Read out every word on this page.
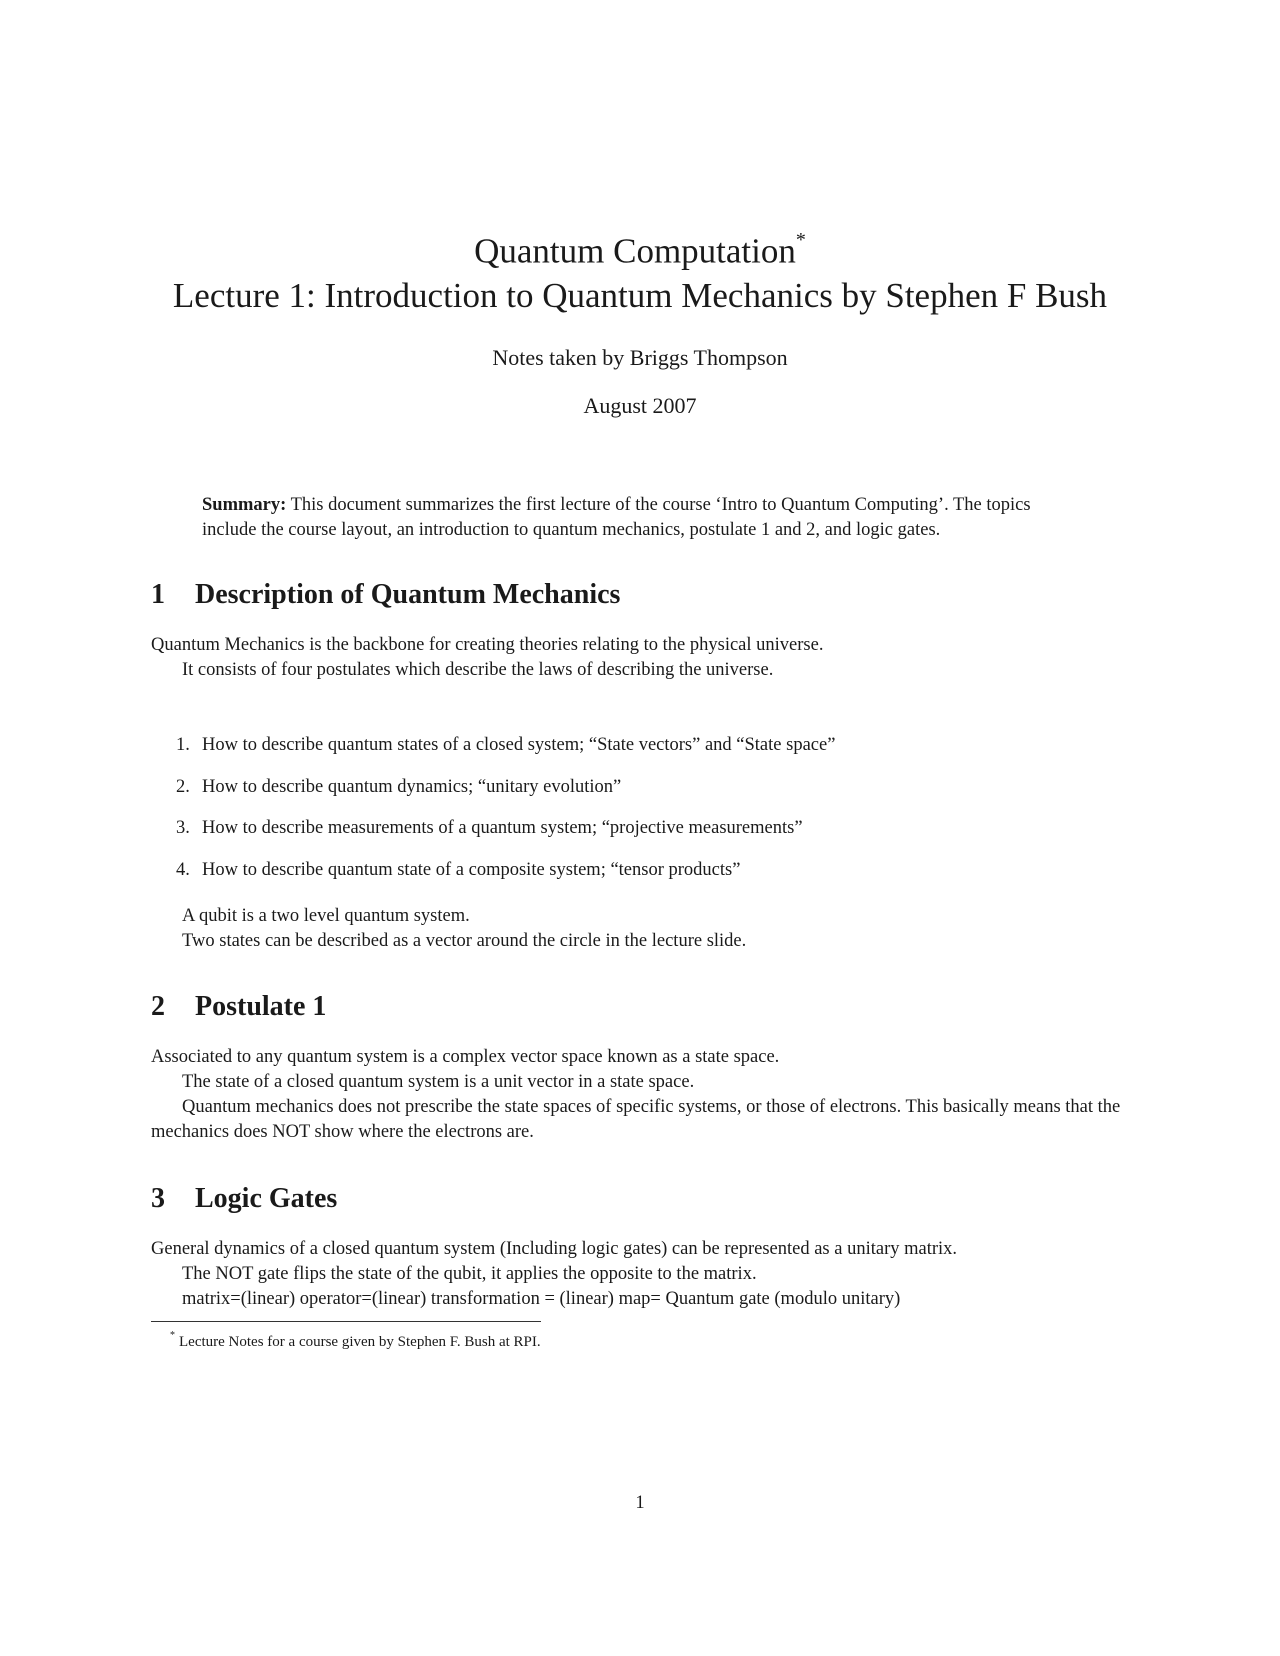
Quantum Computation*
Lecture 1: Introduction to Quantum Mechanics by Stephen F Bush
Notes taken by Briggs Thompson
August 2007
Summary: This document summarizes the first lecture of the course ‘Intro to Quantum Computing’. The topics include the course layout, an introduction to quantum mechanics, postulate 1 and 2, and logic gates.
1 Description of Quantum Mechanics
Quantum Mechanics is the backbone for creating theories relating to the physical universe.
It consists of four postulates which describe the laws of describing the universe.
1. How to describe quantum states of a closed system; “State vectors” and “State space”
2. How to describe quantum dynamics; “unitary evolution”
3. How to describe measurements of a quantum system; “projective measurements”
4. How to describe quantum state of a composite system; “tensor products”
A qubit is a two level quantum system.
Two states can be described as a vector around the circle in the lecture slide.
2 Postulate 1
Associated to any quantum system is a complex vector space known as a state space.
The state of a closed quantum system is a unit vector in a state space.
Quantum mechanics does not prescribe the state spaces of specific systems, or those of electrons. This basically means that the mechanics does NOT show where the electrons are.
3 Logic Gates
General dynamics of a closed quantum system (Including logic gates) can be represented as a unitary matrix.
The NOT gate flips the state of the qubit, it applies the opposite to the matrix.
matrix=(linear) operator=(linear) transformation = (linear) map= Quantum gate (modulo unitary)
* Lecture Notes for a course given by Stephen F. Bush at RPI.
1
